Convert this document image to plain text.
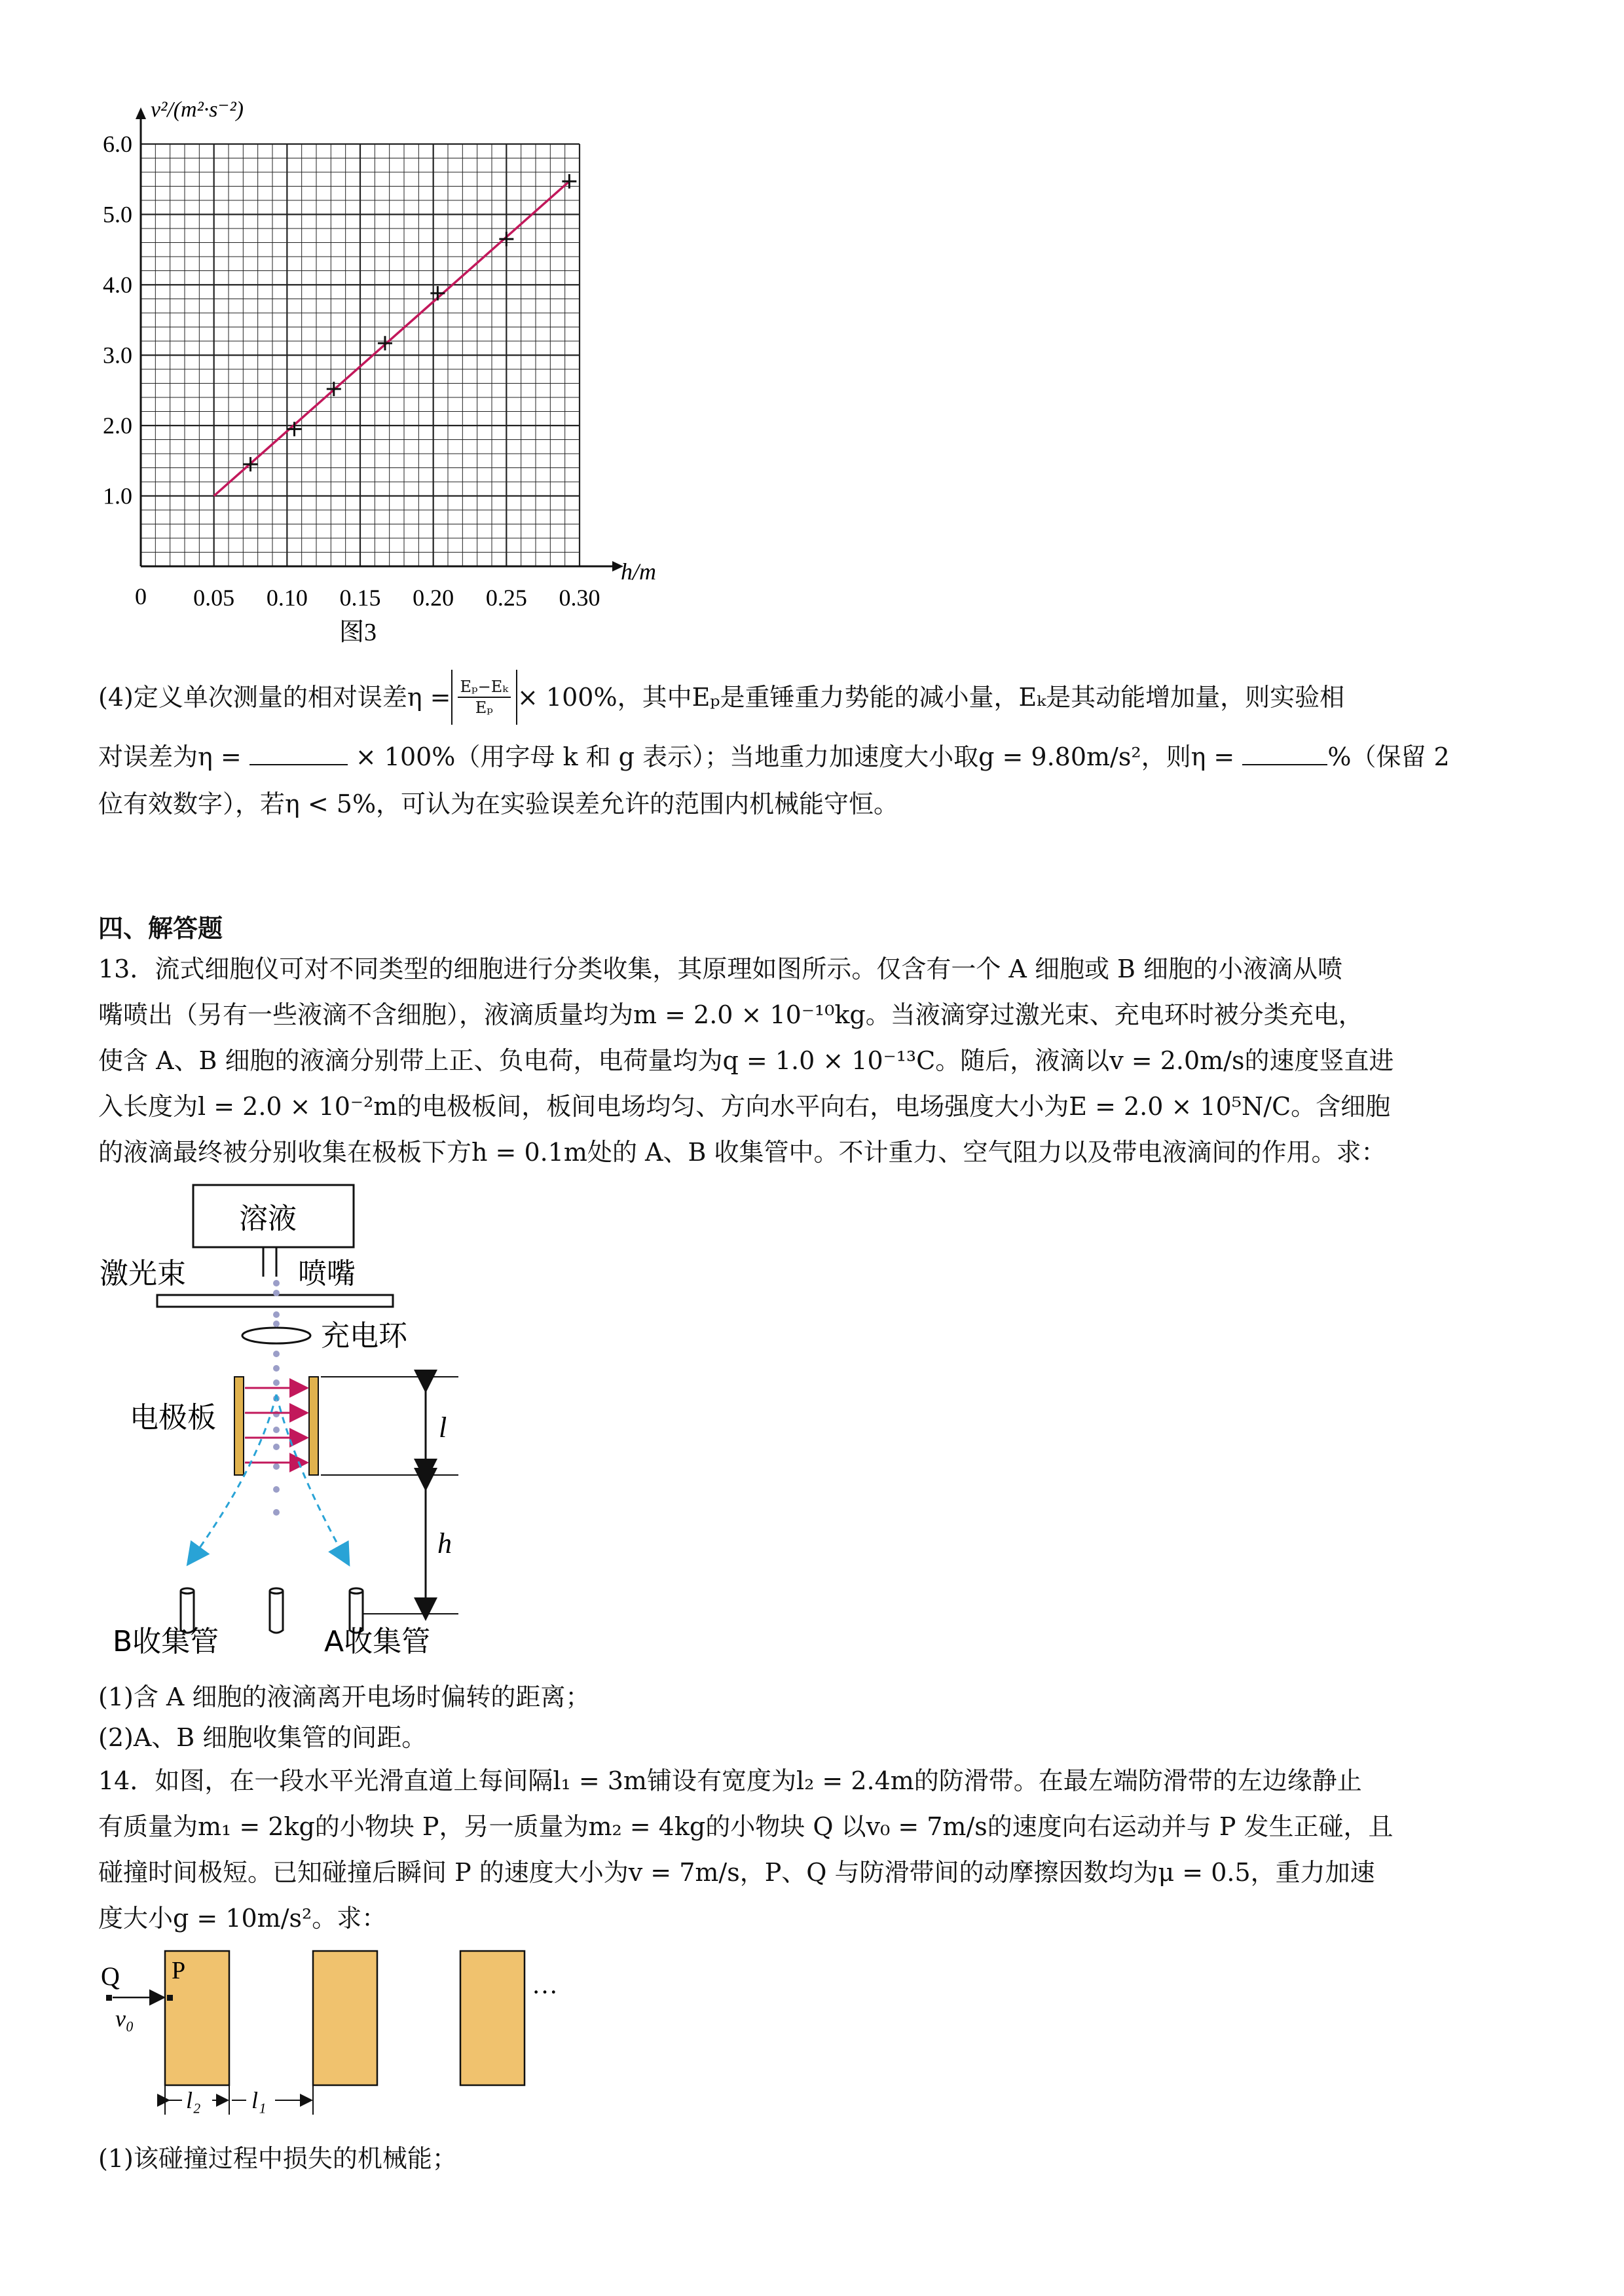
0.05 0.10 0.15 0.20 0.25 0.30
1.0
2.0
3.0
4.0
5.0
6.0
v²/(m²·s⁻²)
h/m
0
图3
(4)定义单次测量的相对误差$\eta = \frac{\text{Eₚ−Eₖ}}{\text{Eₚ}} \times 100\%$，其中Eₚ是重锤重力势能的减小量，Eₖ是其动能增加量，则实验相
对误差为η =	× 100%（用字母 k 和 g 表示）；当地重力加速度大小取g = 9.80m/s²，则η =	%（保留 2
位有效数字），若η < 5%，可认为在实验误差允许的范围内机械能守恒。
四、解答题
13．流式细胞仪可对不同类型的细胞进行分类收集，其原理如图所示。仅含有一个 A 细胞或 B 细胞的小液滴从喷
嘴喷出（另有一些液滴不含细胞），液滴质量均为m = 2.0 × 10⁻¹⁰kg。当液滴穿过激光束、充电环时被分类充电，
使含 A、B 细胞的液滴分别带上正、负电荷，电荷量均为q = 1.0 × 10⁻¹³C。随后，液滴以v = 2.0m/s的速度竖直进
入长度为l = 2.0 × 10⁻²m的电极板间，板间电场均匀、方向水平向右，电场强度大小为E = 2.0 × 10⁵N/C。含细胞
的液滴最终被分别收集在极板下方h = 0.1m处的 A、B 收集管中。不计重力、空气阻力以及带电液滴间的作用。求：
溶液
激光束	喷嘴
充电环
电极板	l
h
B收集管	A收集管
(1)含 A 细胞的液滴离开电场时偏转的距离；
(2)A、B 细胞收集管的间距。
14．如图，在一段水平光滑直道上每间隔l₁ = 3m铺设有宽度为l₂ = 2.4m的防滑带。在最左端防滑带的左边缘静止
有质量为m₁ = 2kg的小物块 P，另一质量为m₂ = 4kg的小物块 Q 以v₀ = 7m/s的速度向右运动并与 P 发生正碰，且
碰撞时间极短。已知碰撞后瞬间 P 的速度大小为v = 7m/s，P、Q 与防滑带间的动摩擦因数均为μ = 0.5，重力加速
度大小g = 10m/s²。求：
Q P
v₀
···
l₂ l₁
(1)该碰撞过程中损失的机械能；
